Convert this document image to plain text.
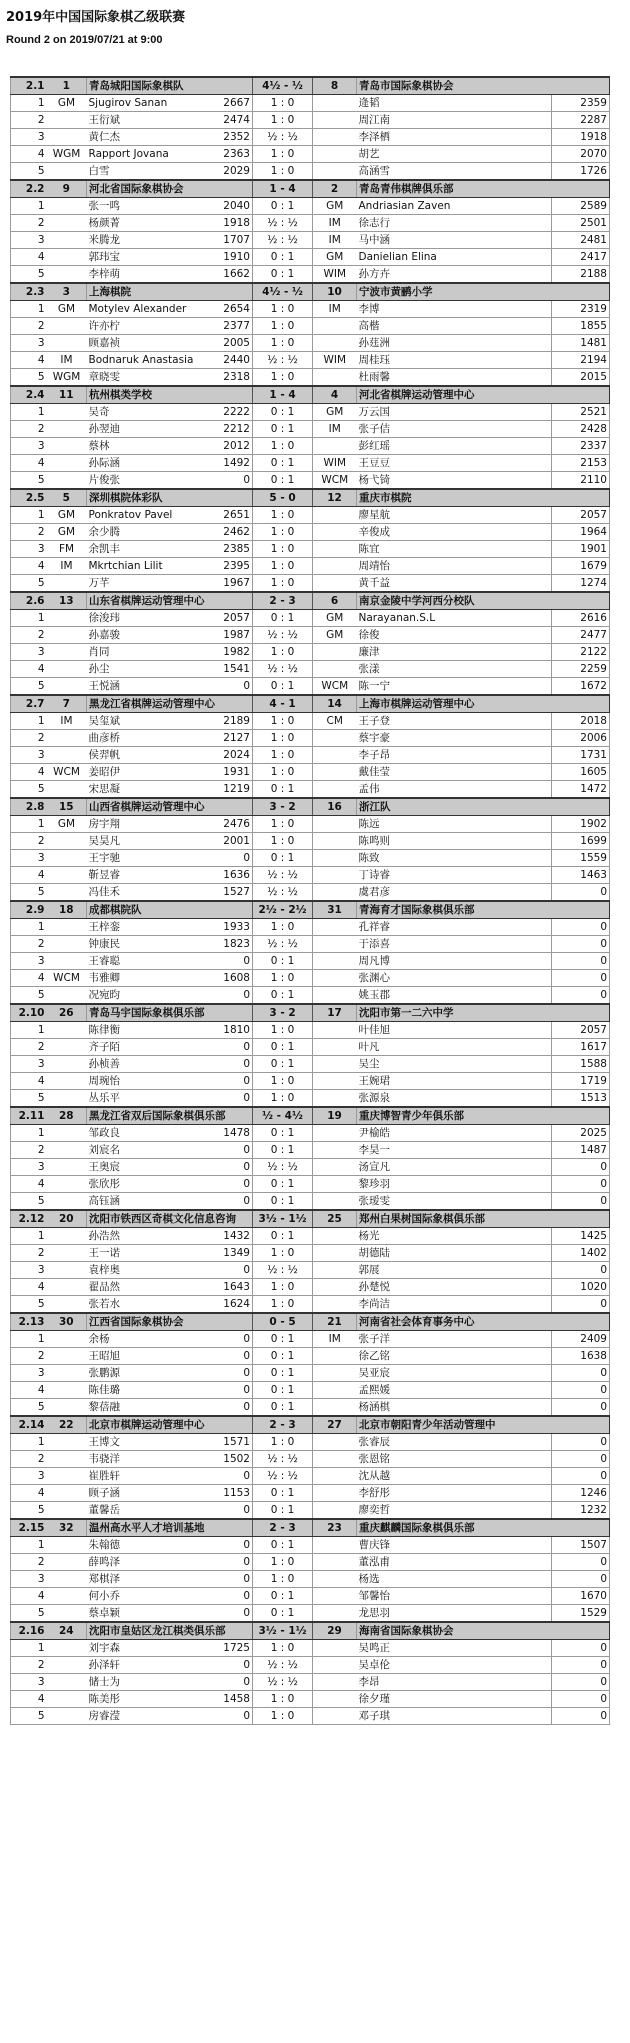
2019年中国国际象棋乙级联赛

Round 2 on 2019/07/21 at 9:00

2.1	1	青岛城阳国际象棋队		4½ - ½	8	青岛市国际象棋协会	
1	GM	Sjugirov Sanan	2667	1 : 0		逄韬	2359
2		王衍斌	2474	1 : 0		周江南	2287
3		黄仁杰	2352	½ : ½		李泽栖	1918
4	WGM	Rapport Jovana	2363	1 : 0		胡艺	2070
5		白雪	2029	1 : 0		高涵雪	1726
2.2	9	河北省国际象棋协会		1 - 4	2	青岛青伟棋牌俱乐部	
1		张一鸣	2040	0 : 1	GM	Andriasian Zaven	2589
2		杨颜菁	1918	½ : ½	IM	徐志行	2501
3		米腾龙	1707	½ : ½	IM	马中涵	2481
4		郭玮宝	1910	0 : 1	GM	Danielian Elina	2417
5		李梓萌	1662	0 : 1	WIM	孙方卉	2188
2.3	3	上海棋院		4½ - ½	10	宁波市黄鹂小学	
1	GM	Motylev Alexander	2654	1 : 0	IM	李博	2319
2		许亦柠	2377	1 : 0		高楷	1855
3		顾嘉祯	2005	1 : 0		孙莛洲	1481
4	IM	Bodnaruk Anastasia	2440	½ : ½	WIM	周桂珏	2194
5	WGM	章晓雯	2318	1 : 0		杜雨馨	2015
2.4	11	杭州棋类学校		1 - 4	4	河北省棋牌运动管理中心	
1		吴奇	2222	0 : 1	GM	万云国	2521
2		孙翌迪	2212	0 : 1	IM	张子佶	2428
3		蔡林	2012	1 : 0		彭红瑶	2337
4		孙际涵	1492	0 : 1	WIM	王豆豆	2153
5		片俊张	0	0 : 1	WCM	杨弋锜	2110
2.5	5	深圳棋院体彩队		5 - 0	12	重庆市棋院	
1	GM	Ponkratov Pavel	2651	1 : 0		廖星航	2057
2	GM	余少腾	2462	1 : 0		辛俊成	1964
3	FM	余凯丰	2385	1 : 0		陈宜	1901
4	IM	Mkrtchian Lilit	2395	1 : 0		周靖怡	1679
5		万芊	1967	1 : 0		黄千益	1274
2.6	13	山东省棋牌运动管理中心		2 - 3	6	南京金陵中学河西分校队	
1		徐浚玮	2057	0 : 1	GM	Narayanan.S.L	2616
2		孙嘉骏	1987	½ : ½	GM	徐俊	2477
3		肖同	1982	1 : 0		廉津	2122
4		孙尘	1541	½ : ½		张漾	2259
5		王悦涵	0	0 : 1	WCM	陈一宁	1672
2.7	7	黑龙江省棋牌运动管理中心		4 - 1	14	上海市棋牌运动管理中心	
1	IM	吴玺斌	2189	1 : 0	CM	王子登	2018
2		曲彦桥	2127	1 : 0		蔡宇豪	2006
3		侯羿帆	2024	1 : 0		李子昂	1731
4	WCM	姜昭伊	1931	1 : 0		戴佳莹	1605
5		宋思凝	1219	0 : 1		孟伟	1472
2.8	15	山西省棋牌运动管理中心		3 - 2	16	浙江队	
1	GM	房宇翔	2476	1 : 0		陈远	1902
2		吴昊凡	2001	1 : 0		陈鸣则	1699
3		王宇驰	0	0 : 1		陈致	1559
4		靳昱睿	1636	½ : ½		丁诗睿	1463
5		冯佳禾	1527	½ : ½		虞君彦	0
2.9	18	成都棋院队		2½ - 2½	31	青海育才国际象棋俱乐部	
1		王梓銮	1933	1 : 0		孔祥睿	0
2		钟康民	1823	½ : ½		于添喜	0
3		王睿聪	0	0 : 1		周凡博	0
4	WCM	韦雅卿	1608	1 : 0		张渊心	0
5		况宛昀	0	0 : 1		姚玉郡	0
2.10	26	青岛马宇国际象棋俱乐部		3 - 2	17	沈阳市第一二六中学	
1		陈律衡	1810	1 : 0		叶佳旭	2057
2		齐子陌	0	0 : 1		叶凡	1617
3		孙桢善	0	0 : 1		吴尘	1588
4		周琬怡	0	1 : 0		王婉珺	1719
5		丛乐平	0	1 : 0		张源泉	1513
2.11	28	黑龙江省双后国际象棋俱乐部		½ - 4½	19	重庆博智青少年俱乐部	
1		邹政良	1478	0 : 1		尹榆皓	2025
2		刘宸名	0	0 : 1		李昊一	1487
3		王奥宸	0	½ : ½		汤宣凡	0
4		张欣彤	0	0 : 1		黎珍羽	0
5		高钰涵	0	0 : 1		张瑷雯	0
2.12	20	沈阳市铁西区奇棋文化信息咨询		3½ - 1½	25	郑州白果树国际象棋俱乐部	
1		孙浩然	1432	0 : 1		杨光	1425
2		王一诺	1349	1 : 0		胡德陆	1402
3		袁梓奥	0	½ : ½		郭展	0
4		翟品然	1643	1 : 0		孙楚悦	1020
5		张若水	1624	1 : 0		李尚洁	0
2.13	30	江西省国际象棋协会		0 - 5	21	河南省社会体育事务中心	
1		余杨	0	0 : 1	IM	张子洋	2409
2		王昭旭	0	0 : 1		徐乙铭	1638
3		张鹏源	0	0 : 1		吴亚宸	0
4		陈佳璐	0	0 : 1		孟熙媛	0
5		黎蓓融	0	0 : 1		杨涵棋	0
2.14	22	北京市棋牌运动管理中心		2 - 3	27	北京市朝阳青少年活动管理中	
1		王博文	1571	1 : 0		张睿辰	0
2		韦骁洋	1502	½ : ½		张恩铭	0
3		崔胜轩	0	½ : ½		沈从越	0
4		顾子涵	1153	0 : 1		李舒彤	1246
5		董馨岳	0	0 : 1		廖奕哲	1232
2.15	32	温州高水平人才培训基地		2 - 3	23	重庆麒麟国际象棋俱乐部	
1		朱翰德	0	0 : 1		曹庆锋	1507
2		薛鸣泽	0	1 : 0		董泓甫	0
3		郑棋泽	0	1 : 0		杨选	0
4		何小乔	0	0 : 1		邹馨怡	1670
5		蔡卓颖	0	0 : 1		龙思羽	1529
2.16	24	沈阳市皇姑区龙江棋类俱乐部		3½ - 1½	29	海南省国际象棋协会	
1		刘宇森	1725	1 : 0		吴鸣正	0
2		孙泽轩	0	½ : ½		吴卓伦	0
3		储士为	0	½ : ½		李昂	0
4		陈美彤	1458	1 : 0		徐夕瑾	0
5		房睿滢	0	1 : 0		邓子琪	0
